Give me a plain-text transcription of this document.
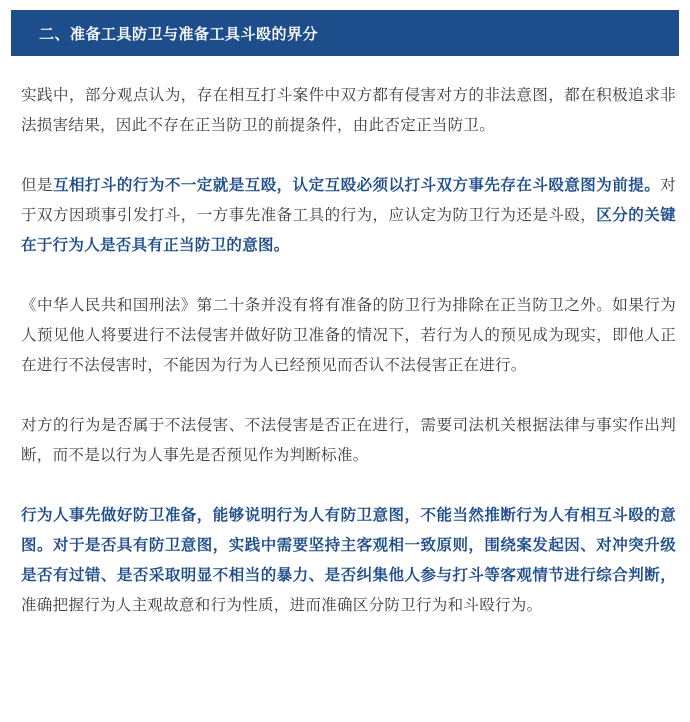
二、准备工具防卫与准备工具斗殴的界分

实践中，部分观点认为，存在相互打斗案件中双方都有侵害对方的非法意图，都在积极追求非法损害结果，因此不存在正当防卫的前提条件，由此否定正当防卫。

但是互相打斗的行为不一定就是互殴，认定互殴必须以打斗双方事先存在斗殴意图为前提。对于双方因琐事引发打斗，一方事先准备工具的行为，应认定为防卫行为还是斗殴，区分的关键在于行为人是否具有正当防卫的意图。

《中华人民共和国刑法》第二十条并没有将有准备的防卫行为排除在正当防卫之外。如果行为人预见他人将要进行不法侵害并做好防卫准备的情况下，若行为人的预见成为现实，即他人正在进行不法侵害时，不能因为行为人已经预见而否认不法侵害正在进行。

对方的行为是否属于不法侵害、不法侵害是否正在进行，需要司法机关根据法律与事实作出判断，而不是以行为人事先是否预见作为判断标准。

行为人事先做好防卫准备，能够说明行为人有防卫意图，不能当然推断行为人有相互斗殴的意图。对于是否具有防卫意图，实践中需要坚持主客观相一致原则，围绕案发起因、对冲突升级是否有过错、是否采取明显不相当的暴力、是否纠集他人参与打斗等客观情节进行综合判断，准确把握行为人主观故意和行为性质，进而准确区分防卫行为和斗殴行为。
